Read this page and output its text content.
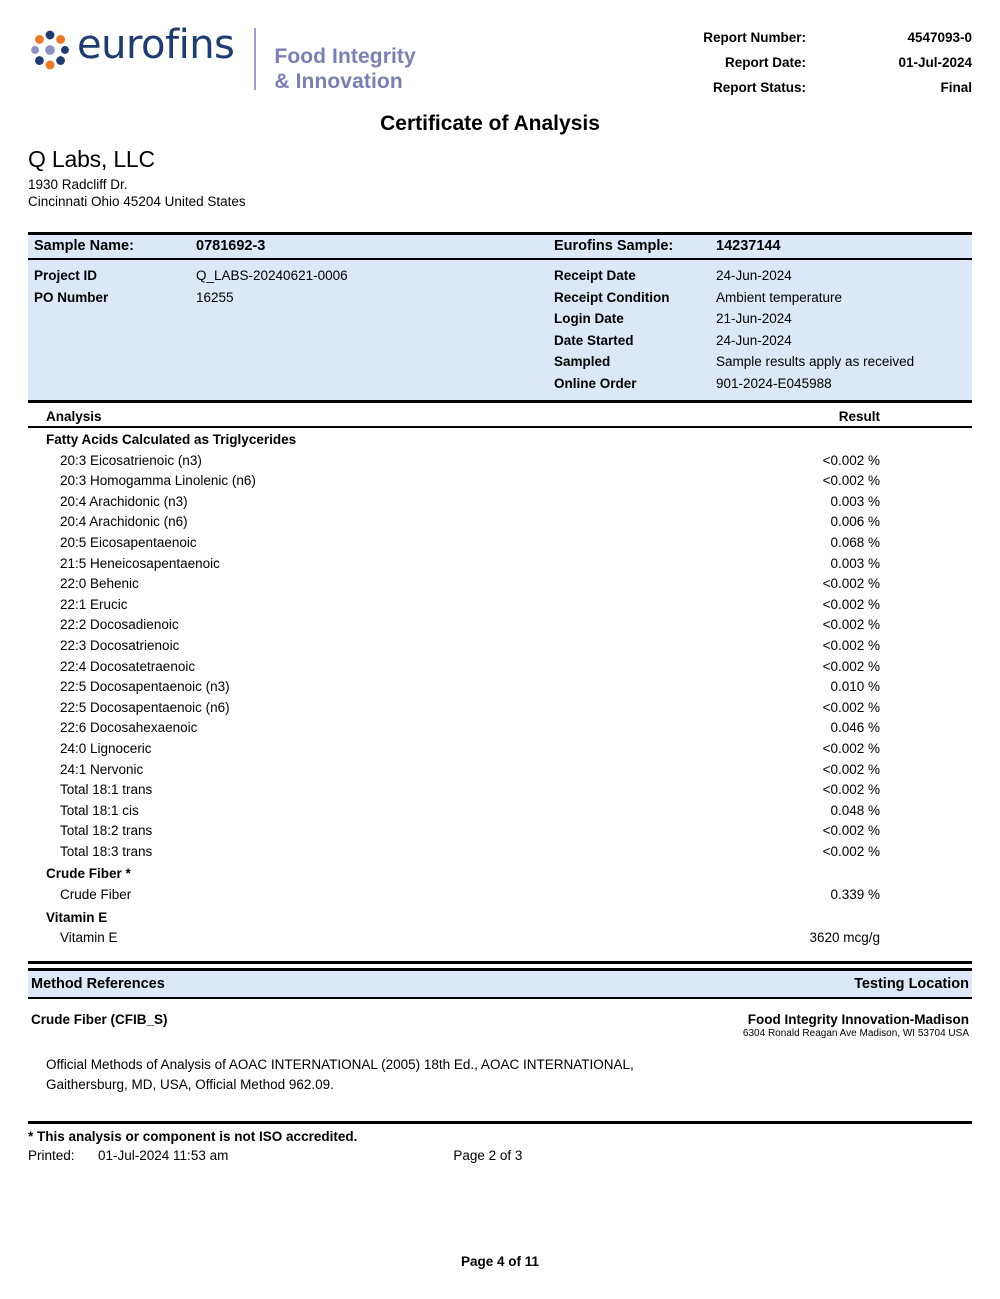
eurofins Food Integrity
& Innovation
Report Number:	4547093-0
Report Date:	01-Jul-2024
Report Status:	Final
Certificate of Analysis
Q Labs, LLC
1930 Radcliff Dr.
Cincinnati Ohio 45204 United States
Sample Name:	0781692-3	Eurofins Sample:	14237144
Project ID	Q_LABS-20240621-0006
PO Number	16255
Receipt Date	24-Jun-2024
Receipt Condition	Ambient temperature
Login Date	21-Jun-2024
Date Started	24-Jun-2024
Sampled	Sample results apply as received
Online Order	901-2024-E045988
Analysis	Result
Fatty Acids Calculated as Triglycerides
20:3 Eicosatrienoic (n3)	<0.002 %
20:3 Homogamma Linolenic (n6)	<0.002 %
20:4 Arachidonic (n3)	0.003 %
20:4 Arachidonic (n6)	0.006 %
20:5 Eicosapentaenoic	0.068 %
21:5 Heneicosapentaenoic	0.003 %
22:0 Behenic	<0.002 %
22:1 Erucic	<0.002 %
22:2 Docosadienoic	<0.002 %
22:3 Docosatrienoic	<0.002 %
22:4 Docosatetraenoic	<0.002 %
22:5 Docosapentaenoic (n3)	0.010 %
22:5 Docosapentaenoic (n6)	<0.002 %
22:6 Docosahexaenoic	0.046 %
24:0 Lignoceric	<0.002 %
24:1 Nervonic	<0.002 %
Total 18:1 trans	<0.002 %
Total 18:1 cis	0.048 %
Total 18:2 trans	<0.002 %
Total 18:3 trans	<0.002 %
Crude Fiber *
Crude Fiber	0.339 %
Vitamin E
Vitamin E	3620 mcg/g
Method References	Testing Location
Crude Fiber (CFIB_S)	Food Integrity Innovation-Madison
6304 Ronald Reagan Ave Madison, WI 53704 USA
Official Methods of Analysis of AOAC INTERNATIONAL (2005) 18th Ed., AOAC INTERNATIONAL, Gaithersburg, MD, USA, Official Method 962.09.
* This analysis or component is not ISO accredited.
Printed:	01-Jul-2024 11:53 am	Page 2 of 3
Page 4 of 11
